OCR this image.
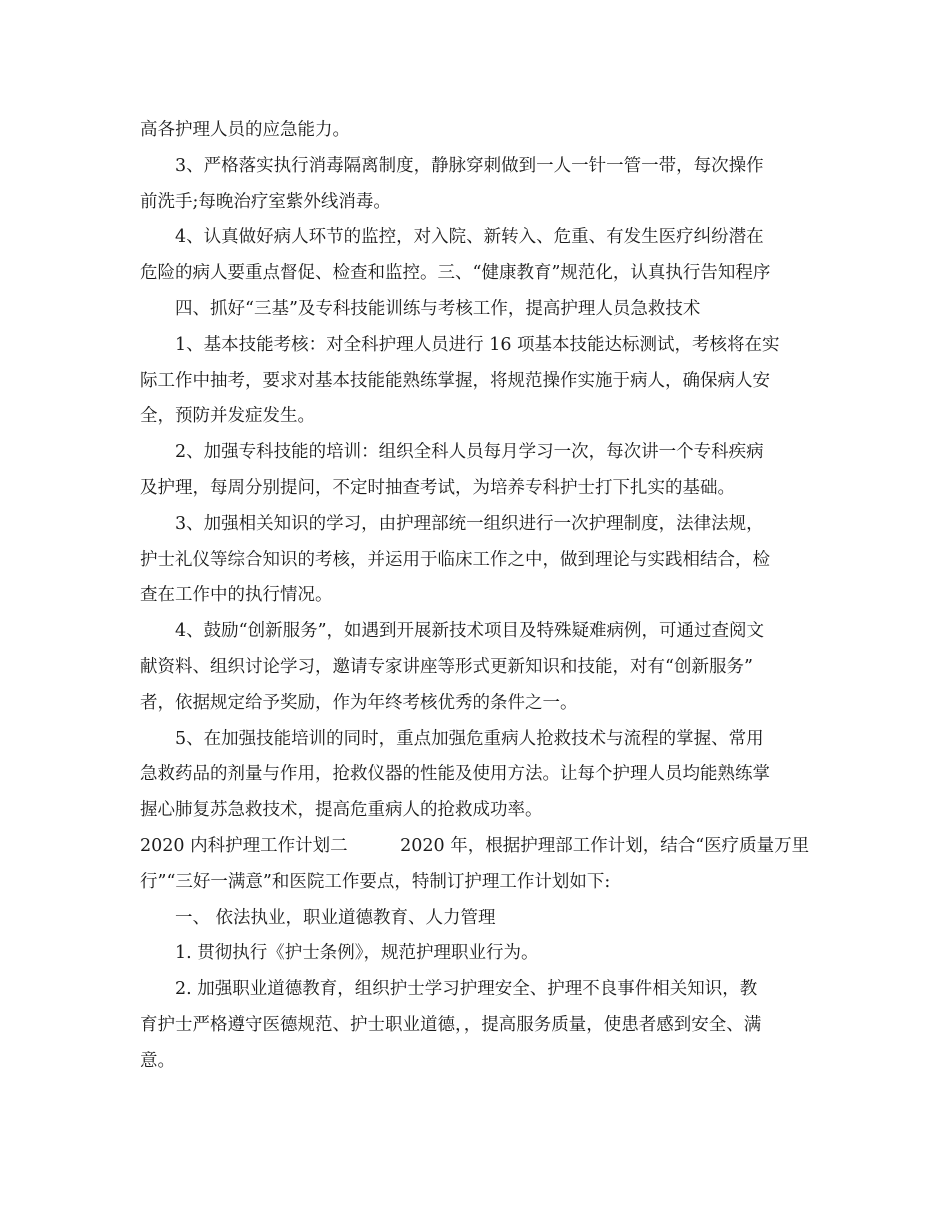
高各护理人员的应急能力。

　　3、严格落实执行消毒隔离制度，静脉穿刺做到一人一针一管一带，每次操作
前洗手;每晚治疗室紫外线消毒。

　　4、认真做好病人环节的监控，对入院、新转入、危重、有发生医疗纠纷潜在
危险的病人要重点督促、检查和监控。三、“健康教育”规范化，认真执行告知程序

　　四、抓好“三基”及专科技能训练与考核工作，提高护理人员急救技术

　　1、基本技能考核：对全科护理人员进行 16 项基本技能达标测试，考核将在实
际工作中抽考，要求对基本技能能熟练掌握，将规范操作实施于病人，确保病人安
全，预防并发症发生。

　　2、加强专科技能的培训：组织全科人员每月学习一次，每次讲一个专科疾病
及护理，每周分别提问，不定时抽查考试，为培养专科护士打下扎实的基础。

　　3、加强相关知识的学习，由护理部统一组织进行一次护理制度，法律法规，
护士礼仪等综合知识的考核，并运用于临床工作之中，做到理论与实践相结合，检
查在工作中的执行情况。

　　4、鼓励“创新服务”，如遇到开展新技术项目及特殊疑难病例，可通过查阅文
献资料、组织讨论学习，邀请专家讲座等形式更新知识和技能，对有“创新服务”
者，依据规定给予奖励，作为年终考核优秀的条件之一。

　　5、在加强技能培训的同时，重点加强危重病人抢救技术与流程的掌握、常用
急救药品的剂量与作用，抢救仪器的性能及使用方法。让每个护理人员均能熟练掌
握心肺复苏急救技术，提高危重病人的抢救成功率。

2020 内科护理工作计划二　　　2020 年，根据护理部工作计划，结合“医疗质量万里
行”“三好一满意”和医院工作要点，特制订护理工作计划如下:

　　一、 依法执业，职业道德教育、人力管理

　　1. 贯彻执行《护士条例》，规范护理职业行为。

　　2. 加强职业道德教育，组织护士学习护理安全、护理不良事件相关知识，教
育护士严格遵守医德规范、护士职业道德，，提高服务质量，使患者感到安全、满
意。
